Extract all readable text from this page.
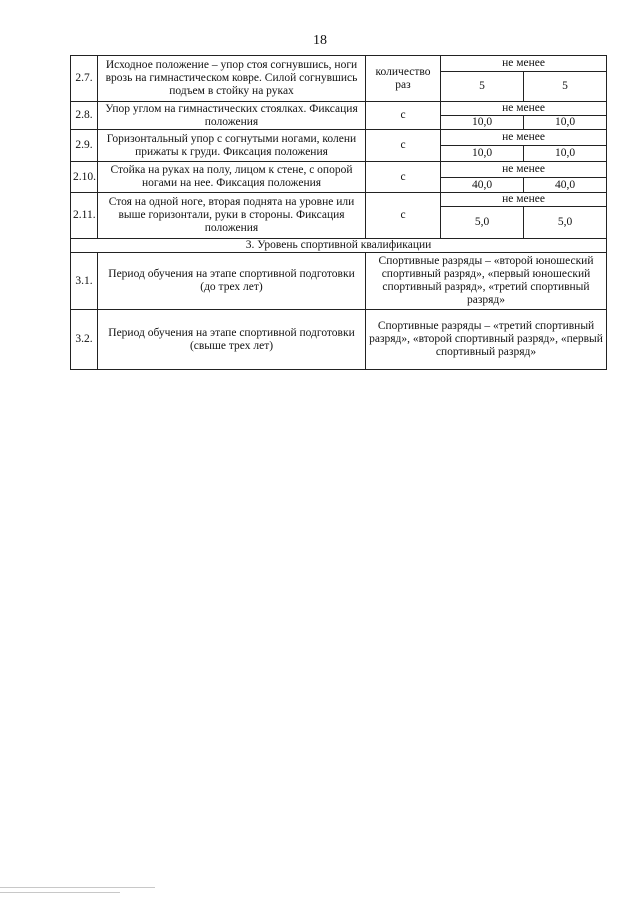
18
2.7.	Исходное положение – упор стоя согнувшись, ноги врозь на гимнастическом ковре. Силой согнувшись подъем в стойку на руках	количество раз	не менее	
			5	5
2.8.	Упор углом на гимнастических стоялках. Фиксация положения	с	не менее	
			10,0	10,0
2.9.	Горизонтальный упор с согнутыми ногами, колени прижаты к груди. Фиксация положения	с	не менее	
			10,0	10,0
2.10.	Стойка на руках на полу, лицом к стене, с опорой ногами на нее. Фиксация положения	с	не менее	
			40,0	40,0
2.11.	Стоя на одной ноге, вторая поднята на уровне или выше горизонтали, руки в стороны. Фиксация положения	с	не менее	
			5,0	5,0
3. Уровень спортивной квалификации				
3.1.	Период обучения на этапе спортивной подготовки (до трех лет)	Спортивные разряды – «второй юношеский спортивный разряд», «первый юношеский спортивный разряд», «третий спортивный разряд»		
3.2.	Период обучения на этапе спортивной подготовки (свыше трех лет)	Спортивные разряды – «третий спортивный разряд», «второй спортивный разряд», «первый спортивный разряд»		
